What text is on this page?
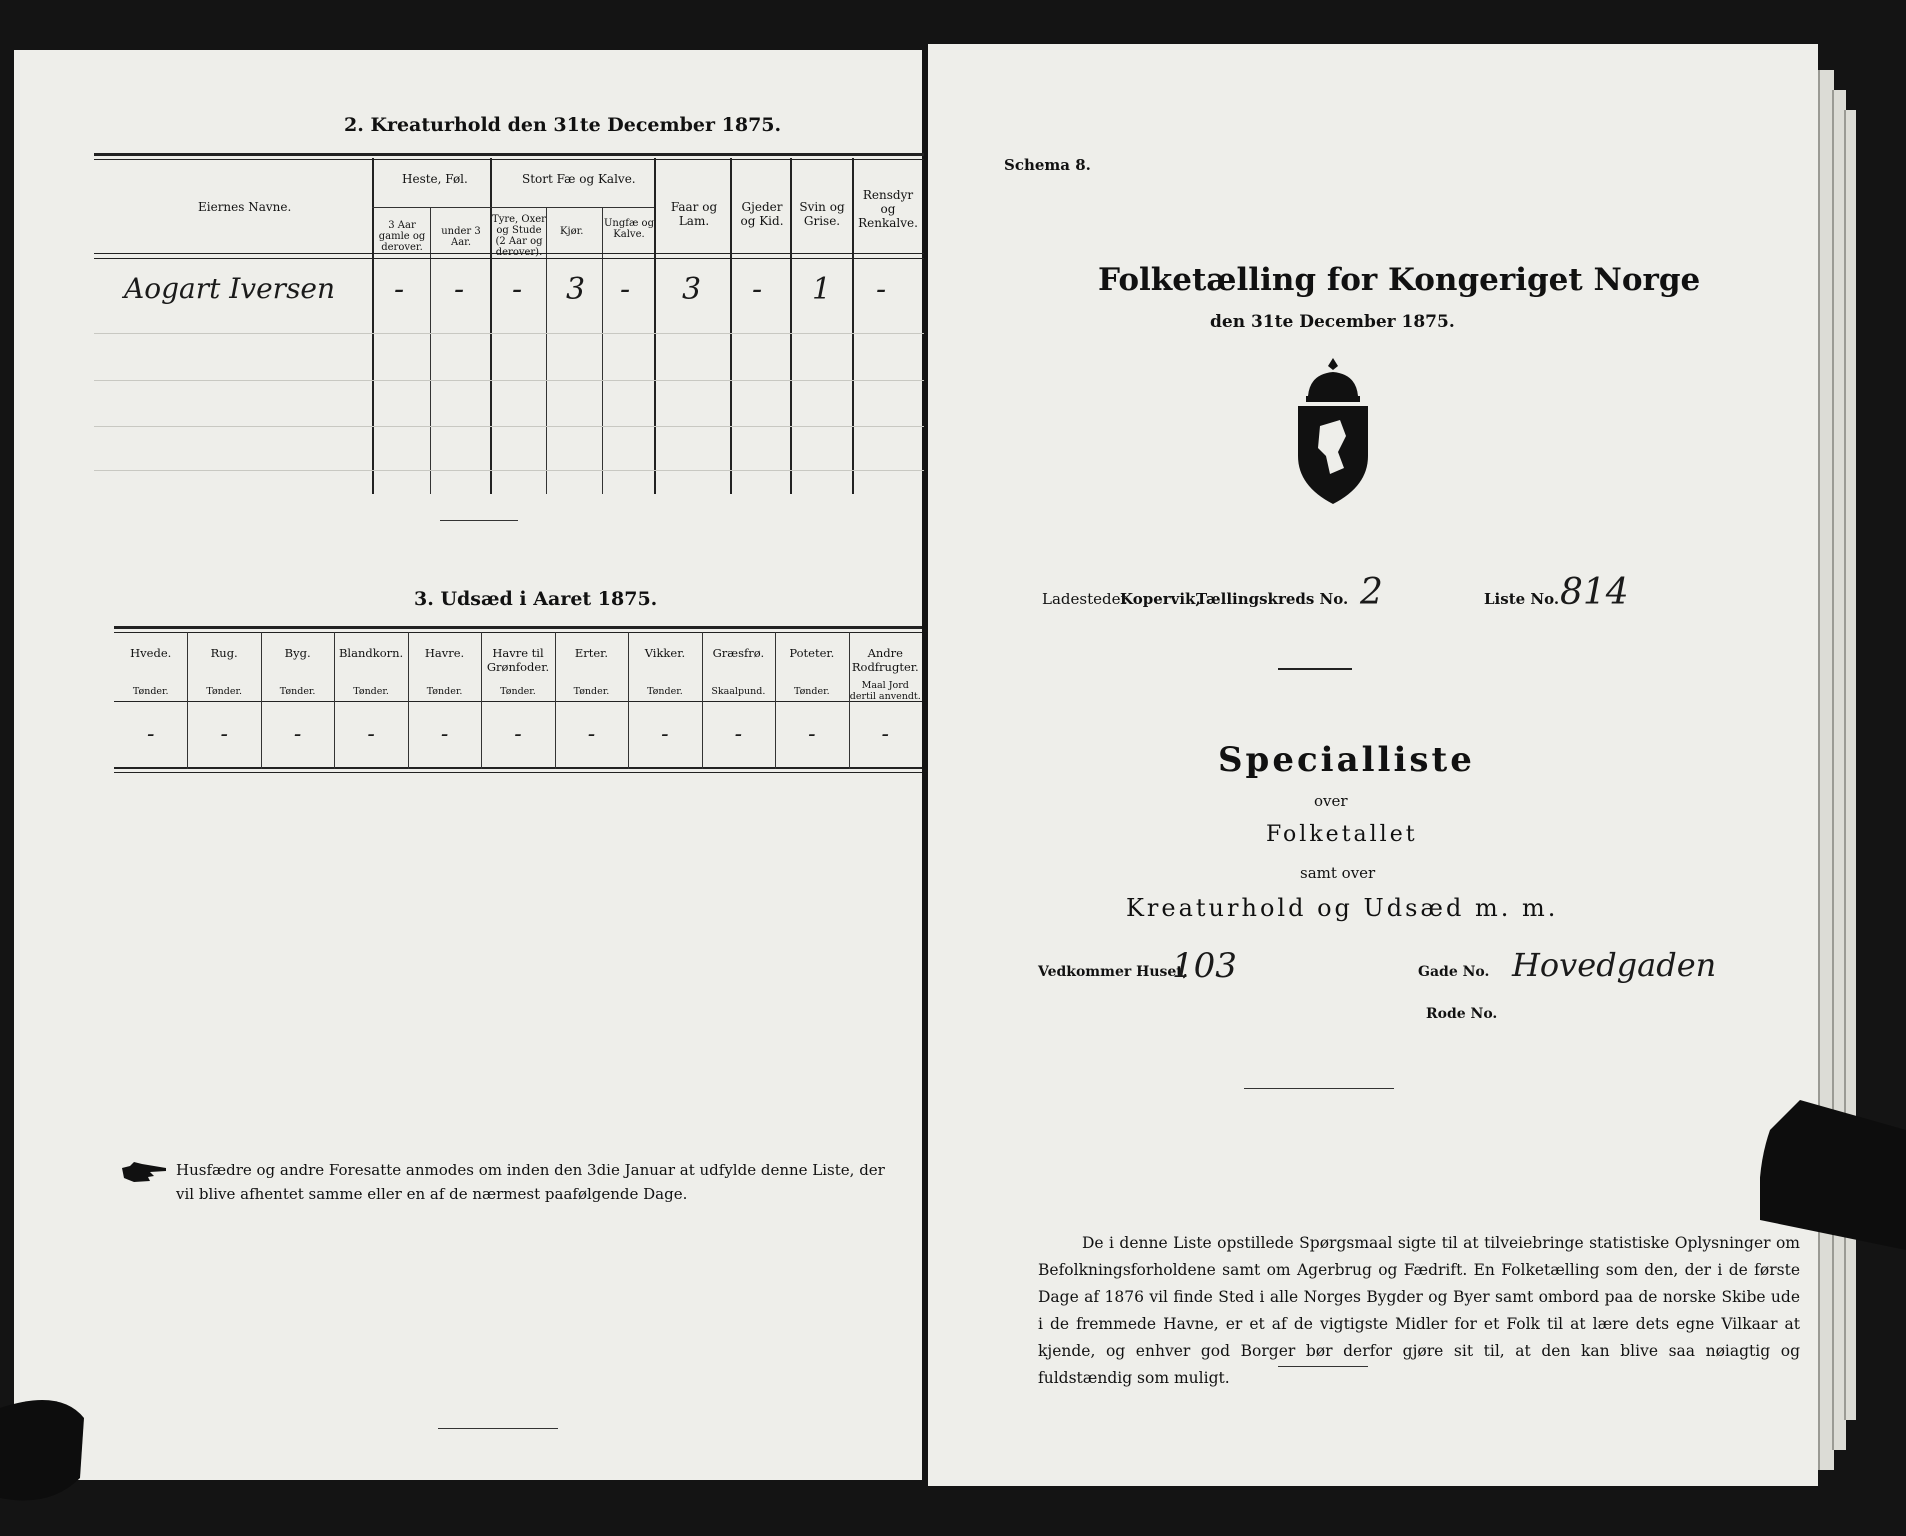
2. Kreaturhold den 31te December 1875.
Eiernes Navne.
Heste, Føl.
3 Aar gamle og derover.
under 3 Aar.
Stort Fæ og Kalve.
Tyre, Oxer og Stude (2 Aar og derover).
Kjør.
Ungfæ og Kalve.
Faar og Lam.
Gjeder og Kid.
Svin og Grise.
Rensdyr og Renkalve.
Aogart Iversen - - - 3 - 3 - 1 -
3. Udsæd i Aaret 1875.
Hvede.
Tønder.
-
Rug.
Tønder.
-
Byg.
Tønder.
-
Blandkorn.
Tønder.
-
Havre.
Tønder.
-
Havre til Grønfoder.
Tønder.
-
Erter.
Tønder.
-
Vikker.
Tønder.
-
Græsfrø.
Skaalpund.
-
Poteter.
Tønder.
-
Andre Rodfrugter.
Maal Jord dertil anvendt.
-
Husfædre og andre Foresatte anmodes om inden den 3die Januar at udfylde denne Liste, der vil blive afhentet samme eller en af de nærmest paafølgende Dage.
Schema 8.
Folketælling for Kongeriget Norge
den 31te December 1875.
Ladestedet
Kopervik,
Tællingskreds No. 2	Liste No. 814
Specialliste
over
Folketallet
samt over
Kreaturhold og Udsæd m. m.
Vedkommer Huset,
103	Gade No. Hovedgaden
Rode No.
De i denne Liste opstillede Spørgsmaal sigte til at tilveiebringe statistiske Oplysninger om Befolkningsforholdene samt om Agerbrug og Fædrift. En Folketælling som den, der i de første Dage af 1876 vil finde Sted i alle Norges Bygder og Byer samt ombord paa de norske Skibe ude i de fremmede Havne, er et af de vigtigste Midler for et Folk til at lære dets egne Vilkaar at kjende, og enhver god Borger bør derfor gjøre sit til, at den kan blive saa nøiagtig og fuldstændig som muligt.
